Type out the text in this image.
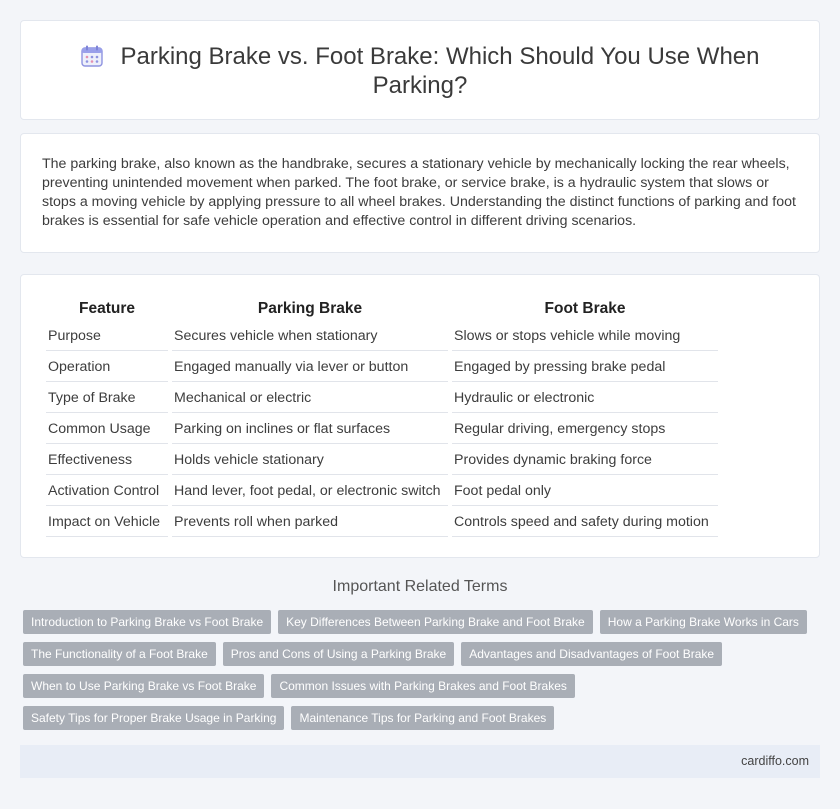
Parking Brake vs. Foot Brake: Which Should You Use When
Parking?

The parking brake, also known as the handbrake, secures a stationary vehicle by mechanically locking the rear wheels, preventing unintended movement when parked. The foot brake, or service brake, is a hydraulic system that slows or stops a moving vehicle by applying pressure to all wheel brakes. Understanding the distinct functions of parking and foot brakes is essential for safe vehicle operation and effective control in different driving scenarios.

Feature	Parking Brake	Foot Brake
Purpose	Secures vehicle when stationary	Slows or stops vehicle while moving
Operation	Engaged manually via lever or button	Engaged by pressing brake pedal
Type of Brake	Mechanical or electric	Hydraulic or electronic
Common Usage	Parking on inclines or flat surfaces	Regular driving, emergency stops
Effectiveness	Holds vehicle stationary	Provides dynamic braking force
Activation Control	Hand lever, foot pedal, or electronic switch	Foot pedal only
Impact on Vehicle	Prevents roll when parked	Controls speed and safety during motion
Important Related Terms
Introduction to Parking Brake vs Foot Brake Key Differences Between Parking Brake and Foot Brake How a Parking Brake Works in Cars
The Functionality of a Foot Brake Pros and Cons of Using a Parking Brake Advantages and Disadvantages of Foot Brake
When to Use Parking Brake vs Foot Brake Common Issues with Parking Brakes and Foot Brakes
Safety Tips for Proper Brake Usage in Parking Maintenance Tips for Parking and Foot Brakes
cardiffo.com
